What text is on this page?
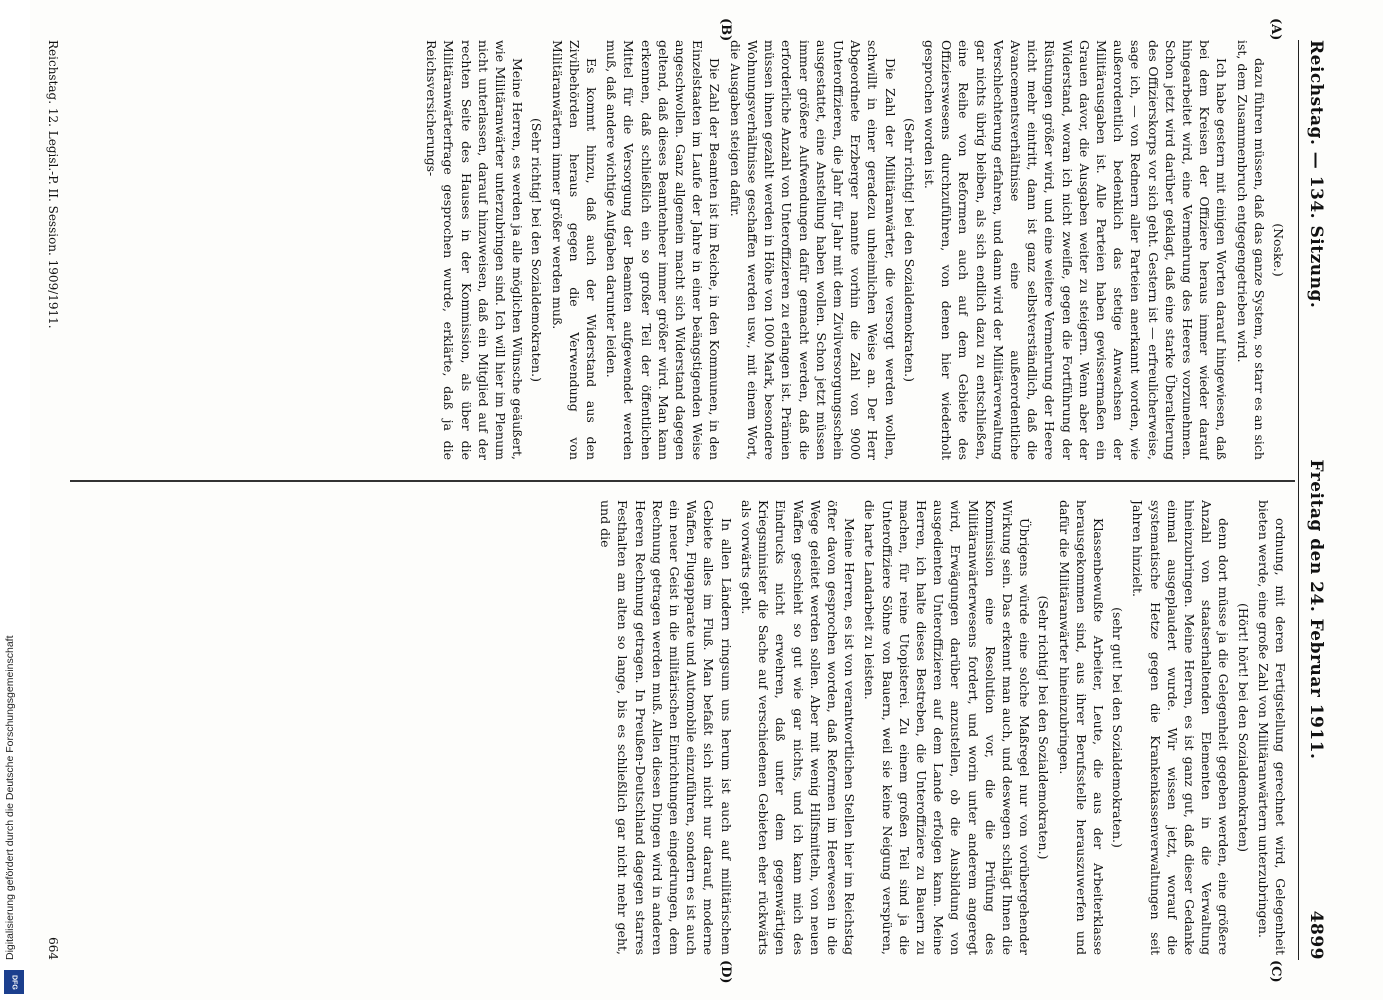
Digitalisierung gefördert durch die Deutsche Forschungsgemeinschaft
DFG
Reichstag. — 134. Sitzung.
Freitag den 24. Februar 1911.
4899
(A)
(B)
(C)
(D)

(Noske.)

dazu führen müssen, daß das ganze System, so starr es an sich ist, dem Zusammenbruch entgegengetrieben wird.

Ich habe gestern mit einigen Worten darauf hingewiesen, daß bei dem Kreisen der Offiziere heraus immer wieder darauf hingearbeitet wird, eine Vermehrung des Heeres vorzunehmen. Schon jetzt wird darüber geklagt, daß eine starke Überalterung des Offizierskorps vor sich geht. Gestern ist — erfreulicherweise, sage ich, — von Rednern aller Parteien anerkannt worden, wie außerordentlich bedenklich das stetige Anwachsen der Militärausgaben ist. Alle Parteien haben gewissermaßen ein Grauen davor, die Ausgaben weiter zu steigern. Wenn aber der Widerstand, woran ich nicht zweifle, gegen die Fortführung der Rüstungen größer wird, und eine weitere Vermehrung der Heere nicht mehr eintritt, dann ist ganz selbstverständlich, daß die Avancementsverhältnisse eine außerordentliche Verschlechterung erfahren, und dann wird der Militärverwaltung gar nichts übrig bleiben, als sich endlich dazu zu entschließen, eine Reihe von Reformen auch auf dem Gebiete des Offizierswesens durchzuführen, von denen hier wiederholt gesprochen worden ist.

(Sehr richtig! bei den Sozialdemokraten.)

Die Zahl der Militäranwärter, die versorgt werden wollen, schwillt in einer geradezu unheimlichen Weise an. Der Herr Abgeordnete Erzberger nannte vorhin die Zahl von 9000 Unteroffizieren, die Jahr für Jahr mit dem Zivilversorgungsschein ausgestattet, eine Anstellung haben wollen. Schon jetzt müssen immer größere Aufwendungen dafür gemacht werden, daß die erforderliche Anzahl von Unteroffizieren zu erlangen ist. Prämien müssen ihnen gezahlt werden in Höhe von 1000 Mark, besondere Wohnungsverhältnisse geschaffen werden usw., mit einem Wort, die Ausgaben steigen dafür.

Die Zahl der Beamten ist im Reiche, in den Kommunen, in den Einzelstaaten im Laufe der Jahre in einer beängstigenden Weise angeschwollen. Ganz allgemein macht sich Widerstand dagegen geltend, daß dieses Beamtenheer immer größer wird. Man kann erkennen, daß schließlich ein so großer Teil der öffentlichen Mittel für die Versorgung der Beamten aufgewendet werden muß, daß andere wichtige Aufgaben darunter leiden.

Es kommt hinzu, daß auch der Widerstand aus den Zivilbehörden heraus gegen die Verwendung von Militäranwärtern immer größer werden muß.

(Sehr richtig! bei den Sozialdemokraten.)

Meine Herren, es werden ja alle möglichen Wünsche geäußert, wie Militäranwärter unterzubringen sind. Ich will hier im Plenum nicht unterlassen, darauf hinzuweisen, daß ein Mitglied auf der rechten Seite des Hauses in der Kommission, als über die Militäranwärterfrage gesprochen wurde, erklärte, daß ja die Reichsversicherungs-

ordnung, mit deren Fertigstellung gerechnet wird, Gelegenheit bieten werde, eine große Zahl von Militäranwärtern unterzubringen.

(Hört! hört! bei den Sozialdemokraten)

denn dort müsse ja die Gelegenheit gegeben werden, eine größere Anzahl von staatserhaltenden Elementen in die Verwaltung hineinzubringen. Meine Herren, es ist ganz gut, daß dieser Gedanke einmal ausgeplaudert wurde. Wir wissen jetzt, worauf die systematische Hetze gegen die Krankenkassenverwaltungen seit Jahren hinzielt.

(sehr gut! bei den Sozialdemokraten.)

Klassenbewußte Arbeiter, Leute, die aus der Arbeiterklasse herausgekommen sind, aus ihrer Berufsstelle herauszuwerfen und dafür die Militäranwärter hineinzubringen.

(Sehr richtig! bei den Sozialdemokraten.)

Übrigens würde eine solche Maßregel nur von vorübergehender Wirkung sein. Das erkennt man auch, und deswegen schlägt Ihnen die Kommission eine Resolution vor, die die Prüfung des Militäranwärterwesens fordert, und worin unter anderem angeregt wird, Erwägungen darüber anzustellen, ob die Ausbildung von ausgedienten Unteroffizieren auf dem Lande erfolgen kann. Meine Herren, ich halte dieses Bestreben, die Unteroffiziere zu Bauern zu machen, für reine Utopisterei. Zu einem großen Teil sind ja die Unteroffiziere Söhne von Bauern, weil sie keine Neigung verspüren, die harte Landarbeit zu leisten.

Meine Herren, es ist von verantwortlichen Stellen hier im Reichstag öfter davon gesprochen worden, daß Reformen im Heerwesen in die Wege geleitet werden sollen. Aber mit wenig Hilfsmitteln, von neuen Waffen geschieht so gut wie gar nichts, und ich kann mich des Eindrucks nicht erwehren, daß unter dem gegenwärtigen Kriegsminister die Sache auf verschiedenen Gebieten eher rückwärts als vorwärts geht.

In allen Ländern ringsum uns herum ist auch auf militärischem Gebiete alles im Fluß. Man befaßt sich nicht nur darauf, moderne Waffen, Flugapparate und Automobile einzuführen, sondern es ist auch ein neuer Geist in die militärischen Einrichtungen eingedrungen, dem Rechnung getragen werden muß. Allen diesen Dingen wird in anderen Heeren Rechnung getragen. In Preußen-Deutschland dagegen starres Festhalten am alten so lange, bis es schließlich gar nicht mehr geht, und die

Reichstag. 12. Legisl.-P. II. Session. 1909/1911.
664
